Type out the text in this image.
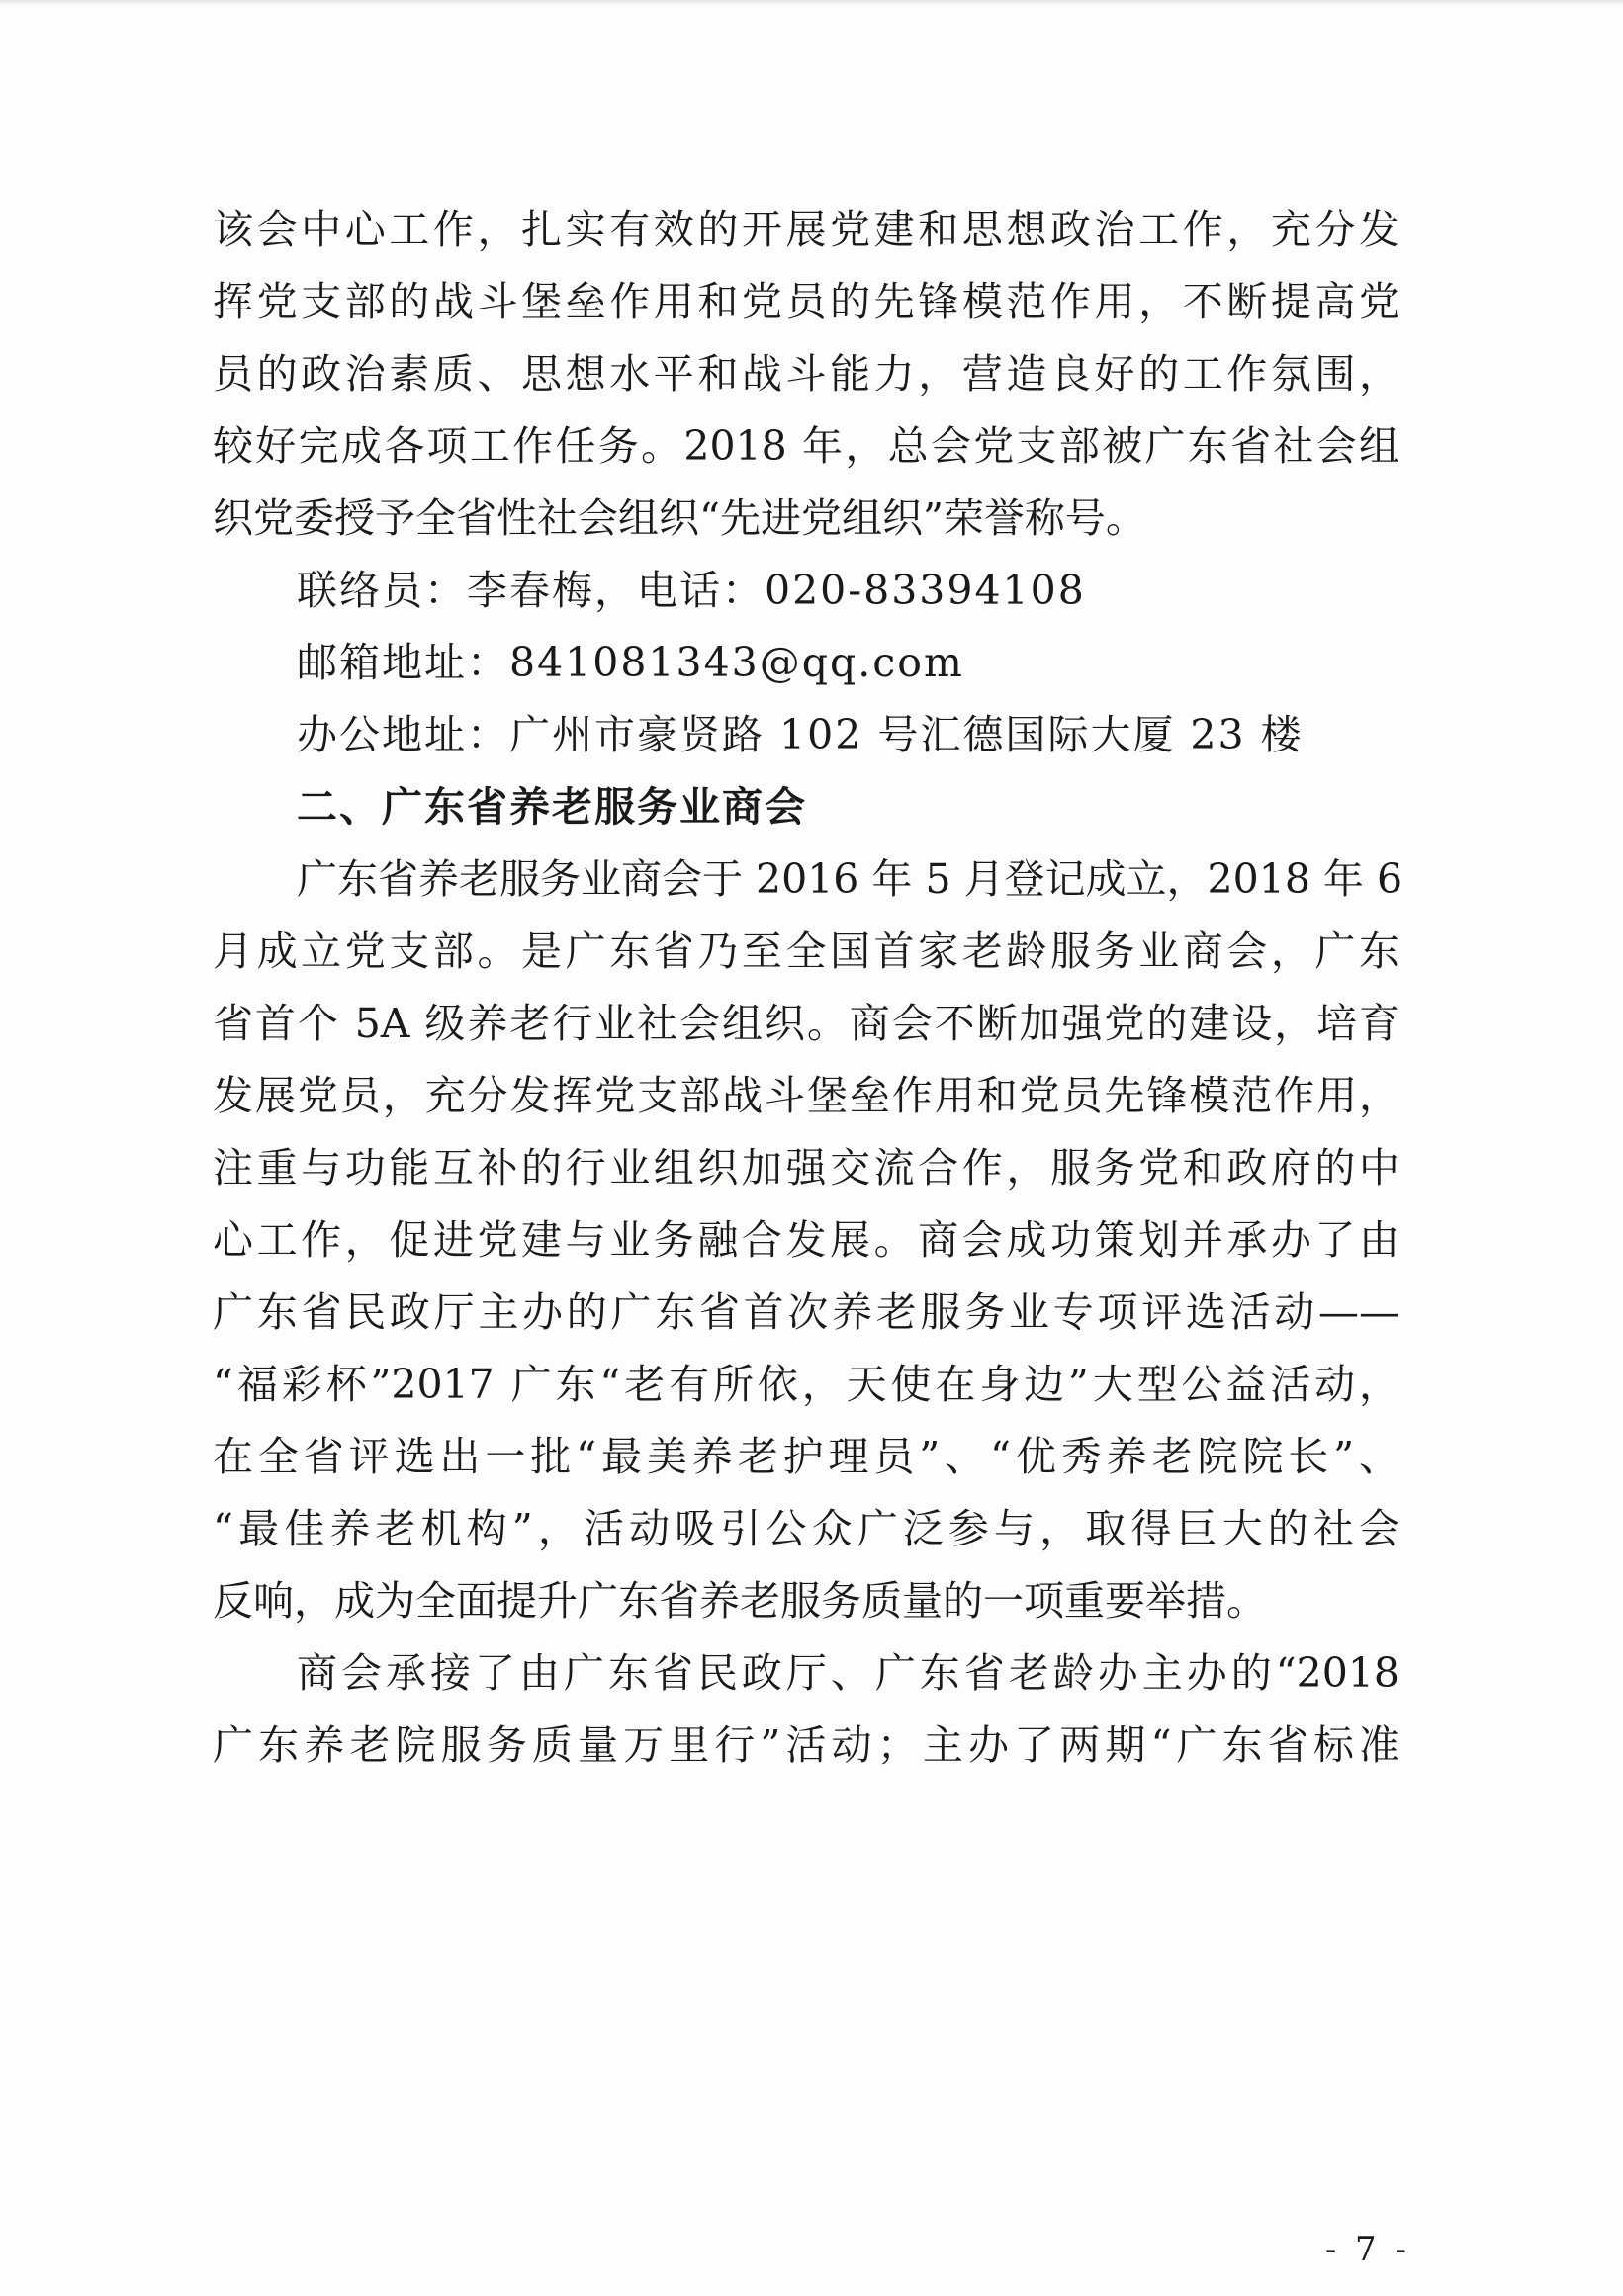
该会中心工作，扎实有效的开展党建和思想政治工作，充分发
挥党支部的战斗堡垒作用和党员的先锋模范作用，不断提高党
员的政治素质、思想水平和战斗能力，营造良好的工作氛围，
较好完成各项工作任务。2018 年，总会党支部被广东省社会组
织党委授予全省性社会组织“先进党组织”荣誉称号。
联络员：李春梅，电话：020-83394108
邮箱地址：841081343@qq.com
办公地址：广州市豪贤路 102 号汇德国际大厦 23 楼
二、广东省养老服务业商会
广东省养老服务业商会于 2016 年 5 月登记成立，2018 年 6
月成立党支部。是广东省乃至全国首家老龄服务业商会，广东
省首个 5A 级养老行业社会组织。商会不断加强党的建设，培育
发展党员，充分发挥党支部战斗堡垒作用和党员先锋模范作用，
注重与功能互补的行业组织加强交流合作，服务党和政府的中
心工作，促进党建与业务融合发展。商会成功策划并承办了由
广东省民政厅主办的广东省首次养老服务业专项评选活动——
“福彩杯”2017 广东“老有所依，天使在身边”大型公益活动，
在全省评选出一批“最美养老护理员”、“优秀养老院院长”、
“最佳养老机构”，活动吸引公众广泛参与，取得巨大的社会
反响，成为全面提升广东省养老服务质量的一项重要举措。
商会承接了由广东省民政厅、广东省老龄办主办的“2018
广东养老院服务质量万里行”活动；主办了两期“广东省标准
- 7 -
